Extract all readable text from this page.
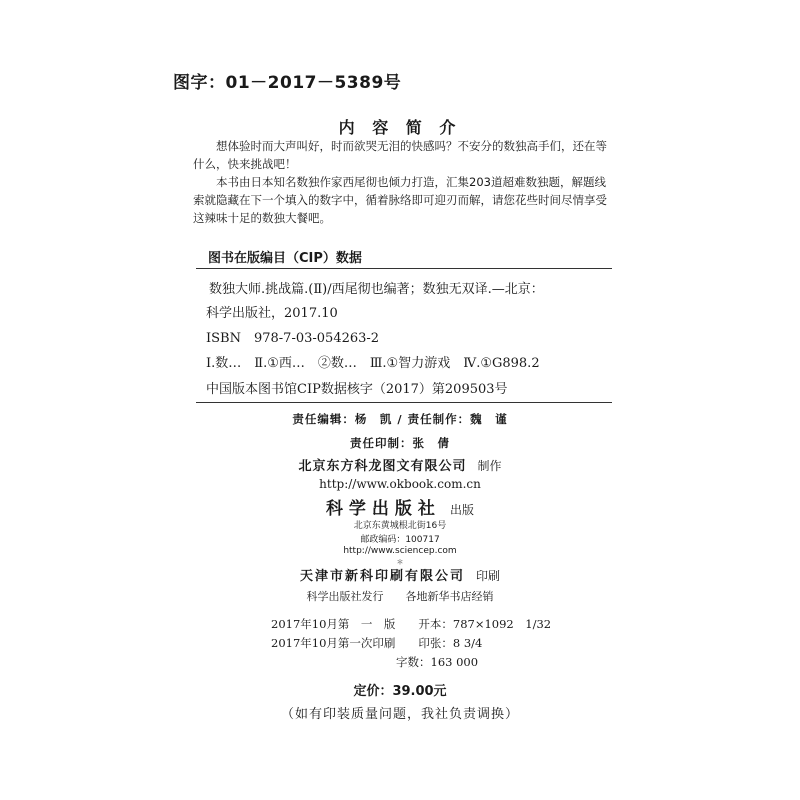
图字：01－2017－5389号
内 容 简 介
想体验时而大声叫好，时而欲哭无泪的快感吗？不安分的数独高手们，还在等什么，快来挑战吧！
本书由日本知名数独作家西尾彻也倾力打造，汇集203道超难数独题，解题线索就隐藏在下一个填入的数字中，循着脉络即可迎刃而解，请您花些时间尽情享受这辣味十足的数独大餐吧。
图书在版编目（CIP）数据
数独大师.挑战篇.(Ⅱ)/西尾彻也编著；数独无双译.—北京：
科学出版社，2017.10
ISBN　978-7-03-054263-2
Ⅰ.数…　Ⅱ.①西…　②数…　Ⅲ.①智力游戏　Ⅳ.①G898.2
中国版本图书馆CIP数据核字（2017）第209503号
责任编辑：杨　凯 / 责任制作：魏　谨
责任印制：张　倩
北京东方科龙图文有限公司 制作
http://www.okbook.com.cn
科学出版社 出版
北京东黄城根北街16号
邮政编码：100717
http://www.sciencep.com
＊
天津市新科印刷有限公司 印刷
科学出版社发行　　各地新华书店经销
2017年10月第　一　版　　开本：787×1092　1/32
2017年10月第一次印刷　　印张：8 3/4
字数：163 000
定价：39.00元
（如有印装质量问题，我社负责调换）
